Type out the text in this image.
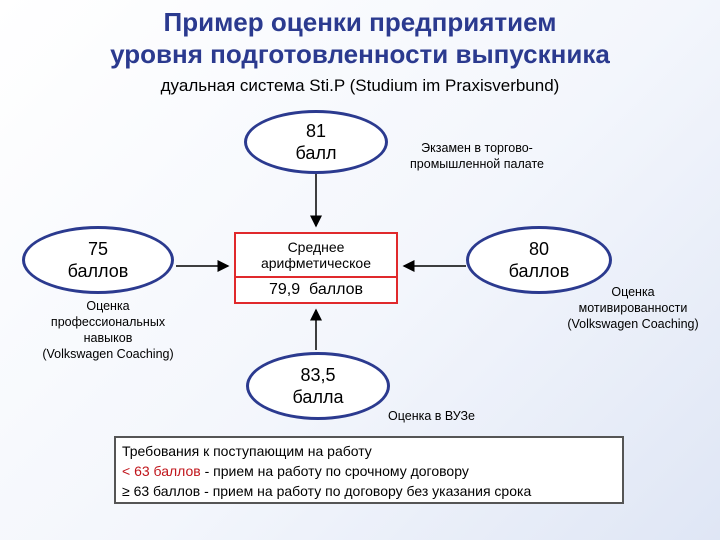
Пример оценки предприятием
уровня подготовленности выпускника
дуальная система Sti.P (Studium im Praxisverbund)
81
балл	Экзамен в торгово-
промышленной палате
75
баллов
Оценка
профессиональных
навыков
(Volkswagen Coaching)
80
баллов
Оценка
мотивированности
(Volkswagen Coaching)
Среднее
арифметическое
79,9  баллов
83,5
балла
Оценка в ВУЗе
Требования к поступающим на работу
< 63 баллов - прием на работу по срочному договору
≥ 63 баллов - прием на работу по договору без указания срока
